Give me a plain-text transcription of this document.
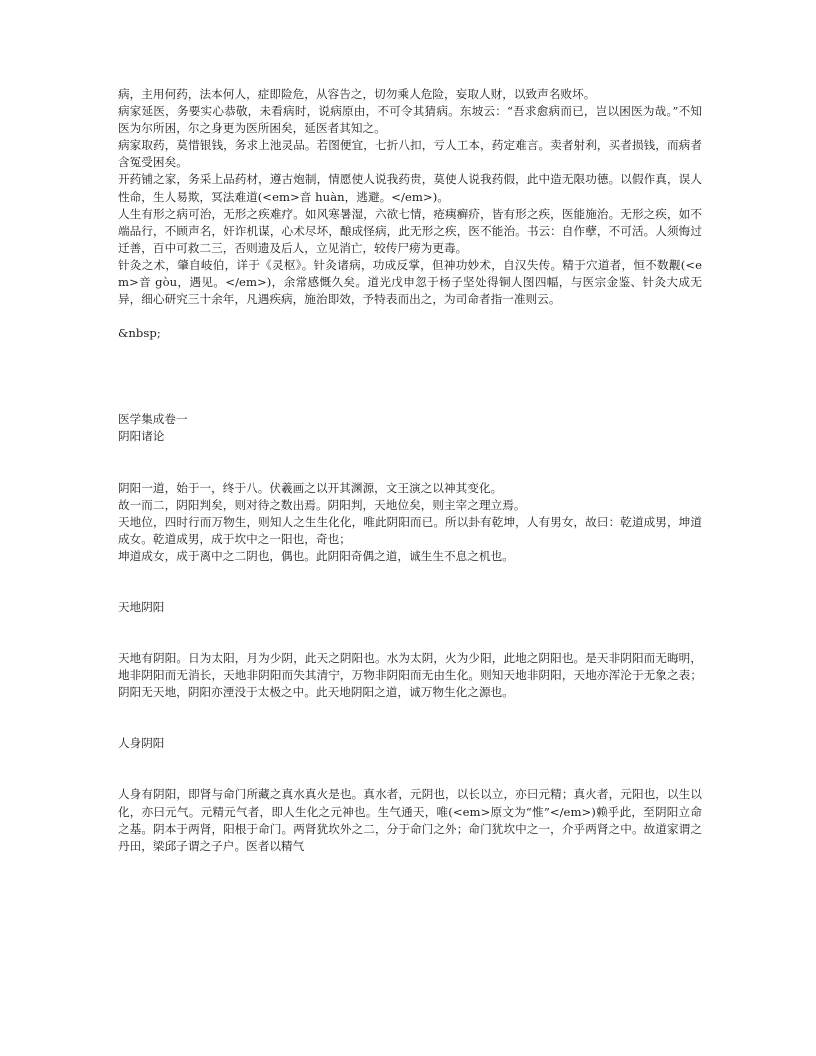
病，主用何药，法本何人，症即险危，从容告之，切勿乘人危险，妄取人财，以致声名败坏。

病家延医，务要实心恭敬，未看病时，说病原由，不可令其猜病。东坡云：“吾求愈病而已，岂以困医为哉。”不知医为尔所困，尔之身更为医所困矣，延医者其知之。

病家取药，莫惜银钱，务求上池灵品。若图便宜，七折八扣，亏人工本，药定难言。卖者射利，买者损钱，而病者含冤受困矣。

开药铺之家，务采上品药材，遵古炮制，情愿使人说我药贵，莫使人说我药假，此中造无限功德。以假作真，误人性命，生人易欺，冥法难道(<em>音 huàn，逃避。</em>)。

人生有形之病可治，无形之疾难疗。如风寒暑湿，六欲七情，疮痍癣疥，皆有形之疾，医能施治。无形之疾，如不端品行，不顾声名，奸诈机谋，心术尽坏，酿成怪病，此无形之疾，医不能治。书云：自作孽，不可活。人须悔过迁善，百中可救二三，否则遗及后人，立见消亡，较传尸痨为更毒。

针灸之术，肇自岐伯，详于《灵枢》。针灸诸病，功成反掌，但神功妙术，自汉失传。精于穴道者，恒不数觏(<em>音 gòu，遇见。</em>)，余常感慨久矣。道光戊申忽于杨子坚处得铜人图四幅，与医宗金鉴、针灸大成无异，细心研究三十余年，凡遇疾病，施治即效，予特表而出之，为司命者指一准则云。

&nbsp;

医学集成卷一
阴阳诸论

阴阳一道，始于一，终于八。伏羲画之以开其渊源，文王演之以神其变化。

故一而二，阴阳判矣，则对待之数出焉。阴阳判，天地位矣，则主宰之理立焉。

天地位，四时行而万物生，则知人之生生化化，唯此阴阳而已。所以卦有乾坤，人有男女，故曰：乾道成男，坤道成女。乾道成男，成于坎中之一阳也，奇也；

坤道成女，成于离中之二阴也，偶也。此阴阳奇偶之道，诚生生不息之机也。

天地阴阳

天地有阴阳。日为太阳，月为少阴，此天之阴阳也。水为太阴，火为少阳，此地之阴阳也。是天非阴阳而无晦明，地非阴阳而无消长，天地非阴阳而失其清宁，万物非阴阳而无由生化。则知天地非阴阳，天地亦浑沦于无象之表；阴阳无天地，阴阳亦湮没于太极之中。此天地阴阳之道，诚万物生化之源也。

人身阴阳

人身有阴阳，即肾与命门所藏之真水真火是也。真水者，元阴也，以长以立，亦曰元精；真火者，元阳也，以生以化，亦曰元气。元精元气者，即人生化之元神也。生气通天，唯(<em>原文为“惟”</em>)赖乎此，至阴阳立命之基。阴本于两肾，阳根于命门。两肾犹坎外之二，分于命门之外；命门犹坎中之一，介乎两肾之中。故道家谓之丹田，梁邱子谓之子户。医者以精气
